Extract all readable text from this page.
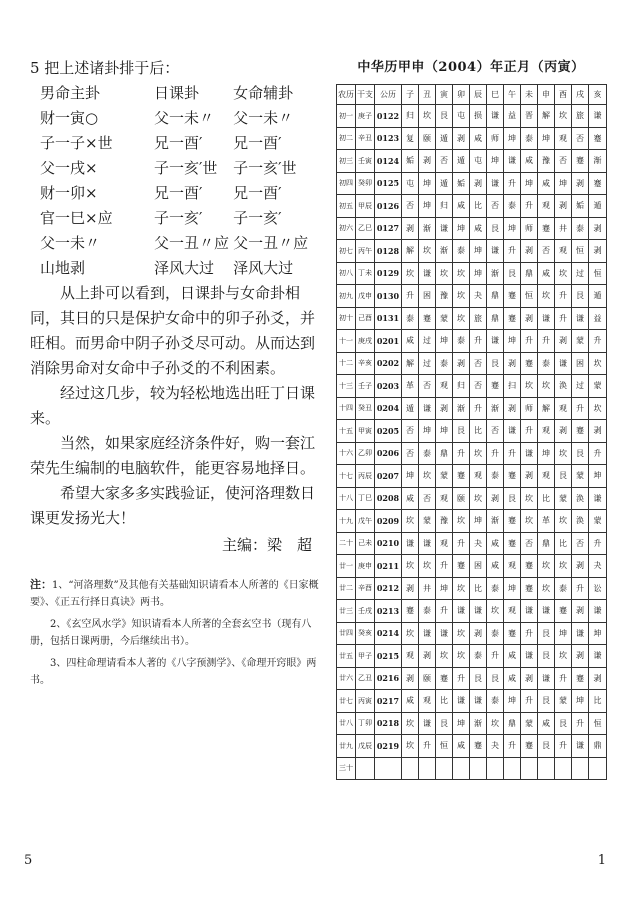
5 把上述诸卦排于后：
男命主卦	日课卦	女命辅卦
财一寅○	父一未〃	父一未〃
子一子×世	兄一酉′	兄一酉′
父一戌×	子一亥′世	子一亥′世
财一卯×	兄一酉′	兄一酉′
官一巳×应	子一亥′	子一亥′
父一未〃	父一丑〃应 父一丑〃应
山地剥	泽风大过	泽风大过

从上卦可以看到，日课卦与女命卦相同，其日的只是保护女命中的卯子孙爻，并旺相。而男命中阴子孙爻尽可动。从而达到消除男命对女命中子孙爻的不利困素。

经过这几步，较为轻松地选出旺丁日课来。

当然，如果家庭经济条件好，购一套江荣先生编制的电脑软件，能更容易地择日。

希望大家多多实践验证，使河洛理数日课更发扬光大！

主编：梁　超

注：1、“河洛理数”及其他有关基础知识请看本人所著的《日家概要》、《正五行择日真诀》两书。

2、《玄空风水学》知识请看本人所著的全套玄空书（现有八册，包括日课两册，今后继续出书）。

3、四柱命理请看本人著的《八字预测学》、《命理开窍眼》两书。

5
中华历甲申（2004）年正月（丙寅）
农历	干支	公历	子	丑	寅	卯	辰	巳	午	未	申	酉	戌	亥
初一	庚子	0122	归	坎	艮	屯	损	谦	益	晋	解	坎	旅	谦
初二	辛丑	0123	复	颐	遁	剥	咸	师	坤	泰	坤	观	否	蹇
初三	壬寅	0124	姤	剥	否	遁	屯	坤	谦	咸	豫	否	蹇	渐
初四	癸卯	0125	屯	坤	遁	姤	剥	谦	升	坤	咸	坤	剥	蹇
初五	甲辰	0126	否	坤	归	咸	比	否	泰	升	观	剥	姤	遁
初六	乙巳	0127	剥	渐	谦	坤	咸	艮	坤	师	蹇	井	泰	剥
初七	丙午	0128	解	坎	渐	泰	坤	谦	升	剥	否	观	恒	剥
初八	丁未	0129	坎	谦	坎	坎	坤	渐	艮	鼎	咸	坎	过	恒
初九	戊申	0130	升	困	豫	坎	夬	鼎	蹇	恒	坎	升	艮	遁
初十	己酉	0131	泰	蹇	蒙	坎	旅	鼎	蹇	剥	谦	升	谦	益
十一	庚戌	0201	咸	过	坤	泰	升	谦	坤	升	升	剥	蒙	升
十二	辛亥	0202	解	过	泰	剥	否	艮	剥	蹇	泰	谦	困	坎
十三	壬子	0203	革	否	观	归	否	蹇	扫	坎	坎	涣	过	蒙
十四	癸丑	0204	遁	谦	剥	渐	升	渐	剥	师	解	观	升	坎
十五	甲寅	0205	否	坤	坤	艮	比	否	谦	升	观	剥	蹇	剥
十六	乙卯	0206	否	泰	鼎	升	坎	升	升	谦	坤	坎	艮	升
十七	丙辰	0207	坤	坎	蒙	蹇	观	泰	蹇	剥	观	艮	蒙	坤
十八	丁巳	0208	咸	否	观	颐	坎	剥	艮	坎	比	蒙	涣	谦
十九	戊午	0209	坎	蒙	豫	坎	坤	渐	蹇	坎	革	坎	涣	蒙
二十	己未	0210	谦	谦	观	升	夬	咸	蹇	否	鼎	比	否	升
廿一	庚申	0211	坎	坎	升	蹇	困	咸	观	蹇	坎	坎	剥	夬
廿二	辛酉	0212	剥	井	坤	坎	比	泰	坤	蹇	坎	泰	升	讼
廿三	壬戌	0213	蹇	泰	升	谦	谦	坎	观	谦	谦	蹇	剥	谦
廿四	癸亥	0214	坎	谦	谦	坎	剥	泰	蹇	升	艮	坤	谦	坤
廿五	甲子	0215	观	剥	坎	坎	泰	升	咸	谦	艮	坎	剥	谦
廿六	乙丑	0216	剥	颐	蹇	升	艮	艮	咸	剥	谦	升	蹇	剥
廿七	丙寅	0217	咸	观	比	谦	谦	泰	坤	升	艮	蒙	坤	比
廿八	丁卯	0218	坎	谦	艮	坤	渐	坎	鼎	蒙	咸	艮	升	恒
廿九	戊辰	0219	坎	升	恒	咸	蹇	夬	升	蹇	艮	升	谦	鼎
三十														
1
